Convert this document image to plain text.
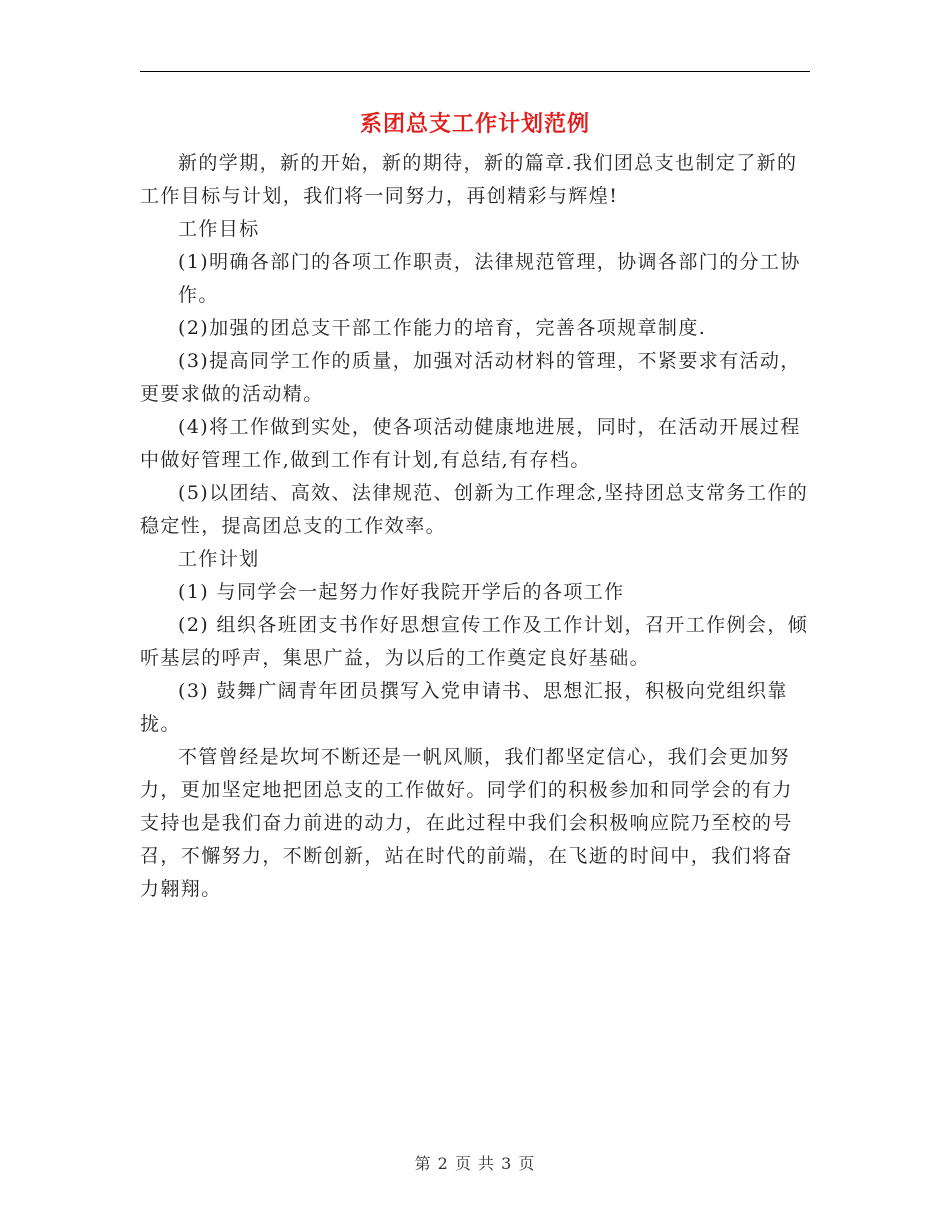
系团总支工作计划范例

新的学期，新的开始，新的期待，新的篇章.我们团总支也制定了新的工作目标与计划，我们将一同努力，再创精彩与辉煌!

工作目标

(1)明确各部门的各项工作职责，法律规范管理，协调各部门的分工协

作。

(2)加强的团总支干部工作能力的培育，完善各项规章制度.

(3)提高同学工作的质量，加强对活动材料的管理，不紧要求有活动，更要求做的活动精。

(4)将工作做到实处，使各项活动健康地进展，同时，在活动开展过程中做好管理工作,做到工作有计划,有总结,有存档。

(5)以团结、高效、法律规范、创新为工作理念,坚持团总支常务工作的稳定性，提高团总支的工作效率。

工作计划

(1) 与同学会一起努力作好我院开学后的各项工作

(2) 组织各班团支书作好思想宣传工作及工作计划，召开工作例会，倾听基层的呼声，集思广益，为以后的工作奠定良好基础。

(3) 鼓舞广阔青年团员撰写入党申请书、思想汇报，积极向党组织靠拢。

不管曾经是坎坷不断还是一帆风顺，我们都坚定信心，我们会更加努力，更加坚定地把团总支的工作做好。同学们的积极参加和同学会的有力支持也是我们奋力前进的动力，在此过程中我们会积极响应院乃至校的号召，不懈努力，不断创新，站在时代的前端，在飞逝的时间中，我们将奋力翱翔。

第 2 页 共 3 页
